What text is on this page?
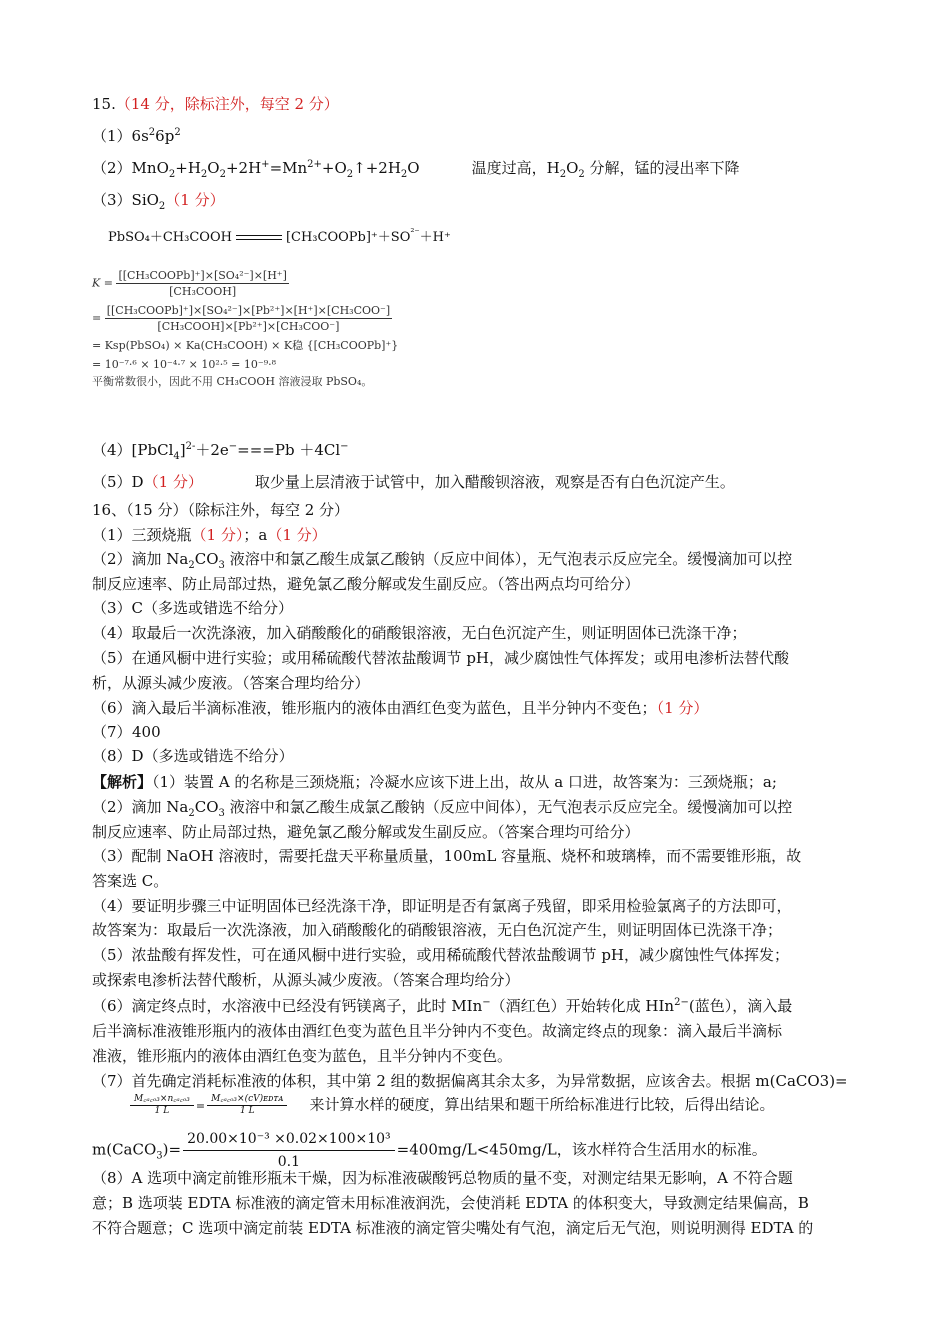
15.（14 分，除标注外，每空 2 分）
$(1)6s^26p^2$
$(2)MnO_2+H_2O_2+2H^+=Mn^{2+}+O_2↑+2H_2O$	温度过高，$H_2O_2$ 分解，锰的浸出率下降
（3）SiO$_2$（1 分）
PbSO₄＋CH₃COOH	$[CH_3COOPb]^++SO^{^{2-}}+H^+$
$K = \frac{\text{[[CH₃COOPb]⁺]×[SO₄²⁻]×[H⁺]}}{\text{[CH₃COOH]}}$
= $\frac{\text{[[CH₃COOPb]⁺]×[SO₄²⁻]×[Pb²⁺]×[H⁺]×[CH₃COO⁻]}}{\text{[CH₃COOH]×[Pb²⁺]×[CH₃COO⁻]}}$
= Ksp(PbSO₄) × Ka(CH₃COOH) × K稳 {[CH₃COOPb]⁺}
= 10⁻⁷·⁶ × 10⁻⁴·⁷ × 10²·⁵ = 10⁻⁹·⁸
平衡常数很小，因此不用 CH₃COOH 溶液浸取 PbSO₄。
（4）[PbCl$_4$]$^{2-}$＋2e−===Pb ＋4Cl−
（5）D（1 分）	取少量上层清液于试管中，加入醋酸钡溶液，观察是否有白色沉淀产生。
16、（15 分）（除标注外，每空 2 分）
（1）三颈烧瓶（1 分）；a（1 分）
（2）滴加 $Na_2CO_3$ 液溶中和氯乙酸生成氯乙酸钠（反应中间体），无气泡表示反应完全。缓慢滴加可以控
制反应速率、防止局部过热，避免氯乙酸分解或发生副反应。（答出两点均可给分）
（3）C（多选或错选不给分）
（4）取最后一次洗涤液，加入硝酸酸化的硝酸银溶液，无白色沉淀产生，则证明固体已洗涤干净；
（5）在通风橱中进行实验；或用稀硫酸代替浓盐酸调节 pH，减少腐蚀性气体挥发；或用电渗析法替代酸
析，从源头减少废液。（答案合理均给分）
（6）滴入最后半滴标准液，锥形瓶内的液体由酒红色变为蓝色，且半分钟内不变色；（1 分）
（7） 400
（8）D（多选或错选不给分）
【解析】（1）装置 A 的名称是三颈烧瓶；冷凝水应该下进上出，故从 a 口进，故答案为：三颈烧瓶；a;
（2）滴加 $Na_2CO_3$ 液溶中和氯乙酸生成氯乙酸钠（反应中间体），无气泡表示反应完全。缓慢滴加可以控
制反应速率、防止局部过热，避免氯乙酸分解或发生副反应。（答案合理均可给分）
（3）配制 NaOH 溶液时，需要托盘天平称量质量，100mL 容量瓶、烧杯和玻璃棒，而不需要锥形瓶，故
答案选 C。
（4）要证明步骤三中证明固体已经洗涤干净，即证明是否有氯离子残留，即采用检验氯离子的方法即可，
故答案为：取最后一次洗涤液，加入硝酸酸化的硝酸银溶液，无白色沉淀产生，则证明固体已洗涤干净；
（5）浓盐酸有挥发性，可在通风橱中进行实验，或用稀硫酸代替浓盐酸调节 pH，减少腐蚀性气体挥发；
或探索电渗析法替代酸析，从源头减少废液。（答案合理均给分）
（6）滴定终点时，水溶液中已经没有钙镁离子，此时 MIn−（酒红色）开始转化成 HIn$^{2-}$(蓝色），滴入最
后半滴标准液锥形瓶内的液体由酒红色变为蓝色且半分钟内不变色。故滴定终点的现象：滴入最后半滴标
准液，锥形瓶内的液体由酒红色变为蓝色，且半分钟内不变色。
（7）首先确定消耗标准液的体积，其中第 2 组的数据偏离其余太多，为异常数据，应该舍去。根据 m(CaCO3)=
$\frac{\text{M꜀ₐ꜀ₒ₃×n꜀ₐ꜀ₒ₃}}{1 L} = \frac{\text{M꜀ₐ꜀ₒ₃×(cV)ᴇᴅᴛᴀ}}{1 L}$ 来计算水样的硬度，算出结果和题干所给标准进行比较，后得出结论。
m(CaCO$_3$)= $\frac{\text{20.00×10⁻³ ×0.02×100×10³}}{0.1} =400mg/L<450mg/L$，该水样符合生活用水的标准。
（8）A 选项中滴定前锥形瓶未干燥，因为标准液碳酸钙总物质的量不变，对测定结果无影响，A 不符合题
意；B 选项装 EDTA 标准液的滴定管未用标准液润洗，会使消耗 EDTA 的体积变大，导致测定结果偏高，B
不符合题意；C 选项中滴定前装 EDTA 标准液的滴定管尖嘴处有气泡，滴定后无气泡，则说明测得 EDTA 的
